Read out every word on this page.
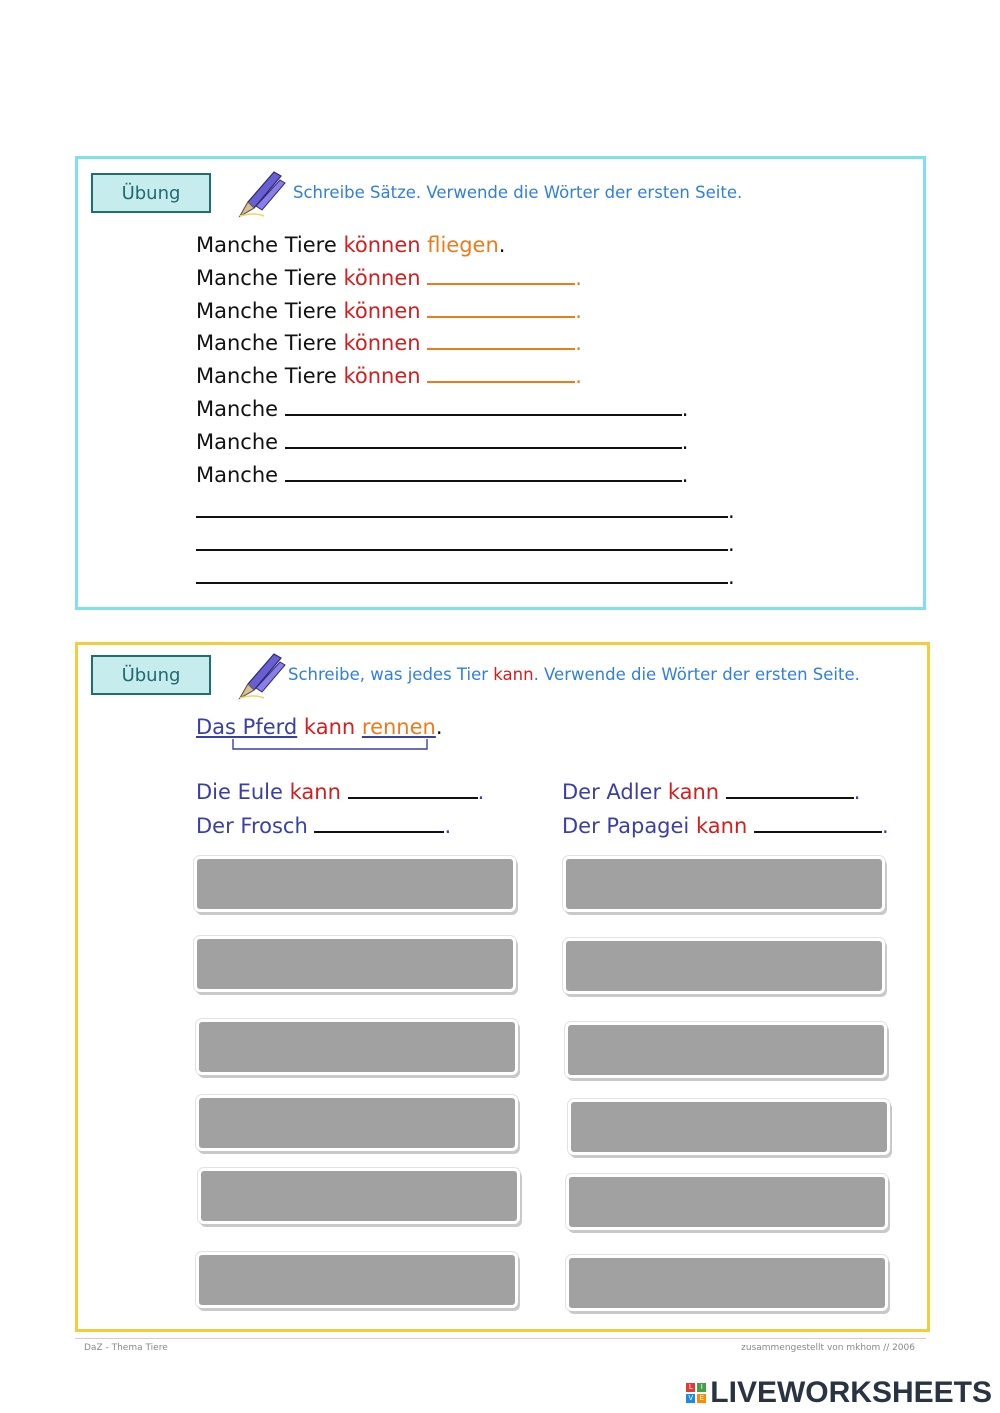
Übung	Schreibe Sätze. Verwende die Wörter der ersten Seite.
Manche Tiere können fliegen.
Manche Tiere können	.
Manche Tiere können	.
Manche Tiere können	.
Manche Tiere können	.
Manche	.
Manche	.
Manche	.
.
.
.
Übung	Schreibe, was jedes Tier kann. Verwende die Wörter der ersten Seite.
Das Pferd kann rennen.
Die Eule kann	.
Der Frosch	.
Der Adler kann	.
Der Papagei kann	.
DaZ - Thema Tiere	zusammengestellt von mkhom ∕∕ 2006
L	I
V E LIVEWORKSHEETS
